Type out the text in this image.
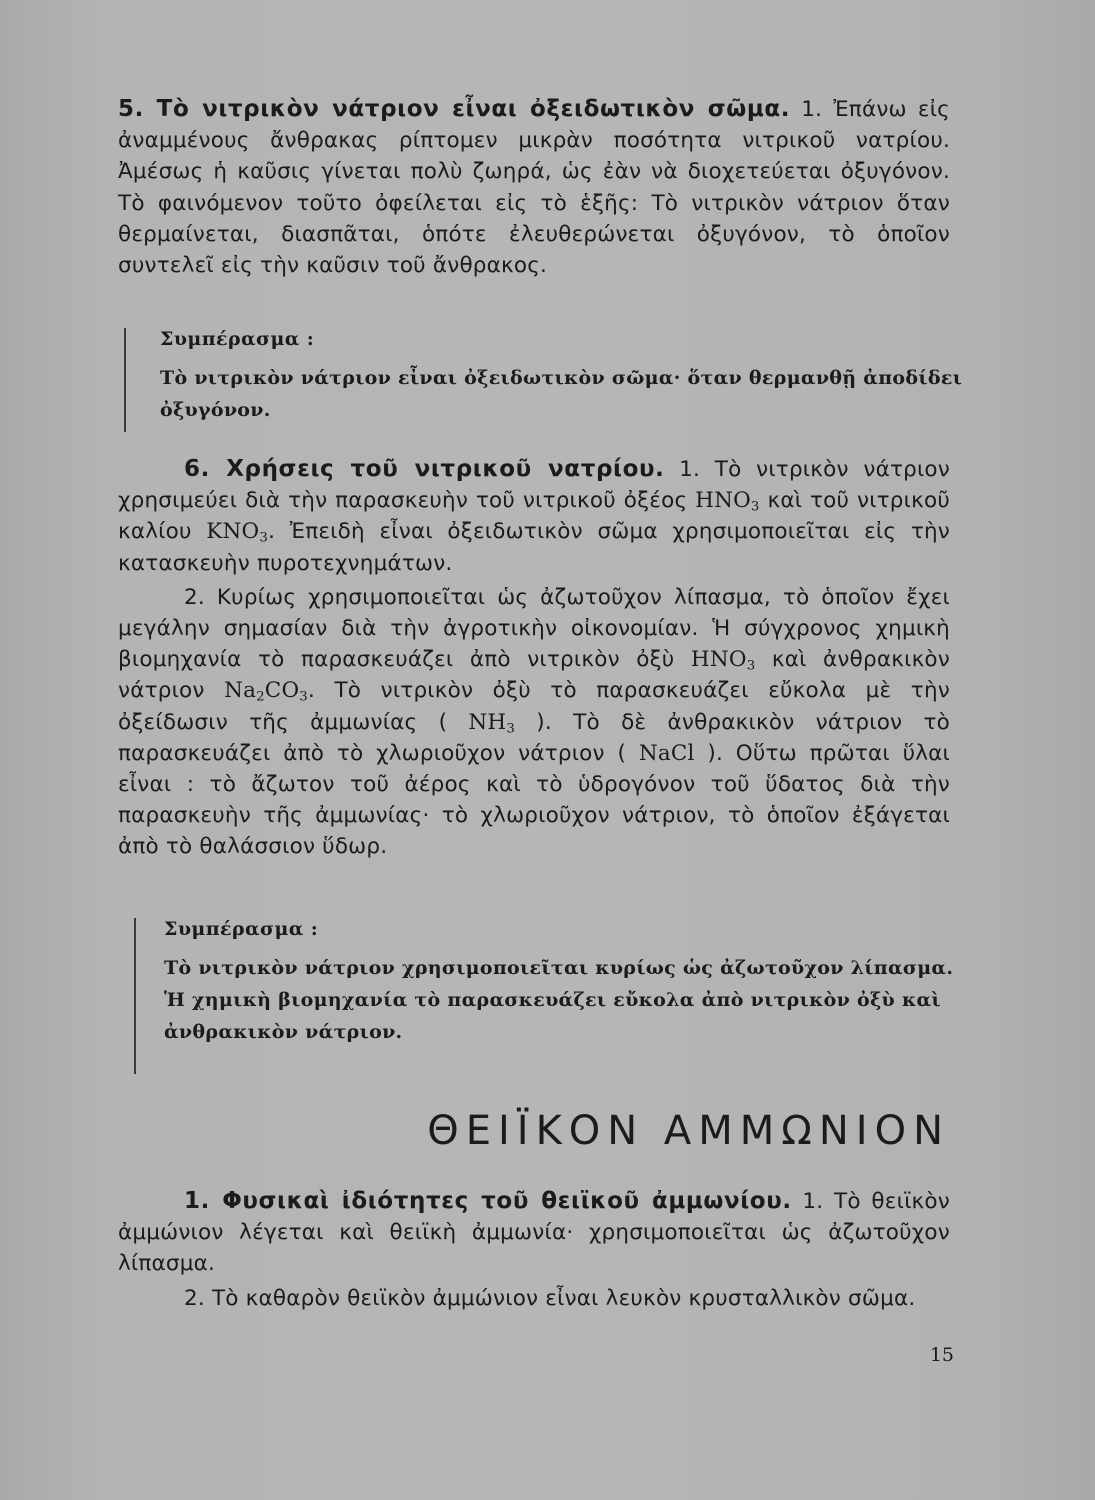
5. Τὸ νιτρικὸν νάτριον εἶναι ὀξειδωτικὸν σῶμα. 1. Ἐπάνω εἰς ἀναμμένους ἄνθρακας ρίπτομεν μικρὰν ποσότητα νιτρικοῦ νατρίου. Ἀμέσως ἡ καῦσις γίνεται πολὺ ζωηρά, ὡς ἐὰν νὰ διοχετεύεται ὀξυγόνον. Τὸ φαινόμενον τοῦτο ὀφείλεται εἰς τὸ ἑξῆς: Τὸ νιτρικὸν νάτριον ὅταν θερμαίνεται, διασπᾶται, ὁπότε ἐλευθερώνεται ὀξυγόνον, τὸ ὁποῖον συντελεῖ εἰς τὴν καῦσιν τοῦ ἄνθρακος.

Συμπέρασμα :

Τὸ νιτρικὸν νάτριον εἶναι ὀξειδωτικὸν σῶμα· ὅταν θερμανθῇ ἀποδίδει ὀξυγόνον.

6. Χρήσεις τοῦ νιτρικοῦ νατρίου. 1. Τὸ νιτρικὸν νάτριον χρησιμεύει διὰ τὴν παρασκευὴν τοῦ νιτρικοῦ ὀξέος $HNO_3$ καὶ τοῦ νιτρικοῦ καλίου $KNO_3$. Ἐπειδὴ εἶναι ὀξειδωτικὸν σῶμα χρησιμοποιεῖται εἰς τὴν κατασκευὴν πυροτεχνημάτων.

2. Κυρίως χρησιμοποιεῖται ὡς ἀζωτοῦχον λίπασμα, τὸ ὁποῖον ἔχει μεγάλην σημασίαν διὰ τὴν ἀγροτικὴν οἰκονομίαν. Ἡ σύγχρονος χημικὴ βιομηχανία τὸ παρασκευάζει ἀπὸ νιτρικὸν ὀξὺ $HNO_3$ καὶ ἀνθρακικὸν νάτριον $Na_2CO_3$. Τὸ νιτρικὸν ὀξὺ τὸ παρασκευάζει εὔκολα μὲ τὴν ὀξείδωσιν τῆς ἀμμωνίας ( $NH_3$ ). Τὸ δὲ ἀνθρακικὸν νάτριον τὸ παρασκευάζει ἀπὸ τὸ χλωριοῦχον νάτριον ( NaCl ). Οὕτω πρῶται ὕλαι εἶναι : τὸ ἄζωτον τοῦ ἀέρος καὶ τὸ ὑδρογόνον τοῦ ὕδατος διὰ τὴν παρασκευὴν τῆς ἀμμωνίας· τὸ χλωριοῦχον νάτριον, τὸ ὁποῖον ἐξάγεται ἀπὸ τὸ θαλάσσιον ὕδωρ.

Συμπέρασμα :

Τὸ νιτρικὸν νάτριον χρησιμοποιεῖται κυρίως ὡς ἀζωτοῦχον λίπασμα. Ἡ χημικὴ βιομηχανία τὸ παρασκευάζει εὔκολα ἀπὸ νιτρικὸν ὀξὺ καὶ ἀνθρακικὸν νάτριον.

ΘΕΙΪΚΟΝ ΑΜΜΩΝΙΟΝ

1. Φυσικαὶ ἰδιότητες τοῦ θειϊκοῦ ἀμμωνίου. 1. Τὸ θειϊκὸν ἀμμώνιον λέγεται καὶ θειϊκὴ ἀμμωνία· χρησιμοποιεῖται ὡς ἀζωτοῦχον λίπασμα.

2. Τὸ καθαρὸν θειϊκὸν ἀμμώνιον εἶναι λευκὸν κρυσταλλικὸν σῶμα.

15
